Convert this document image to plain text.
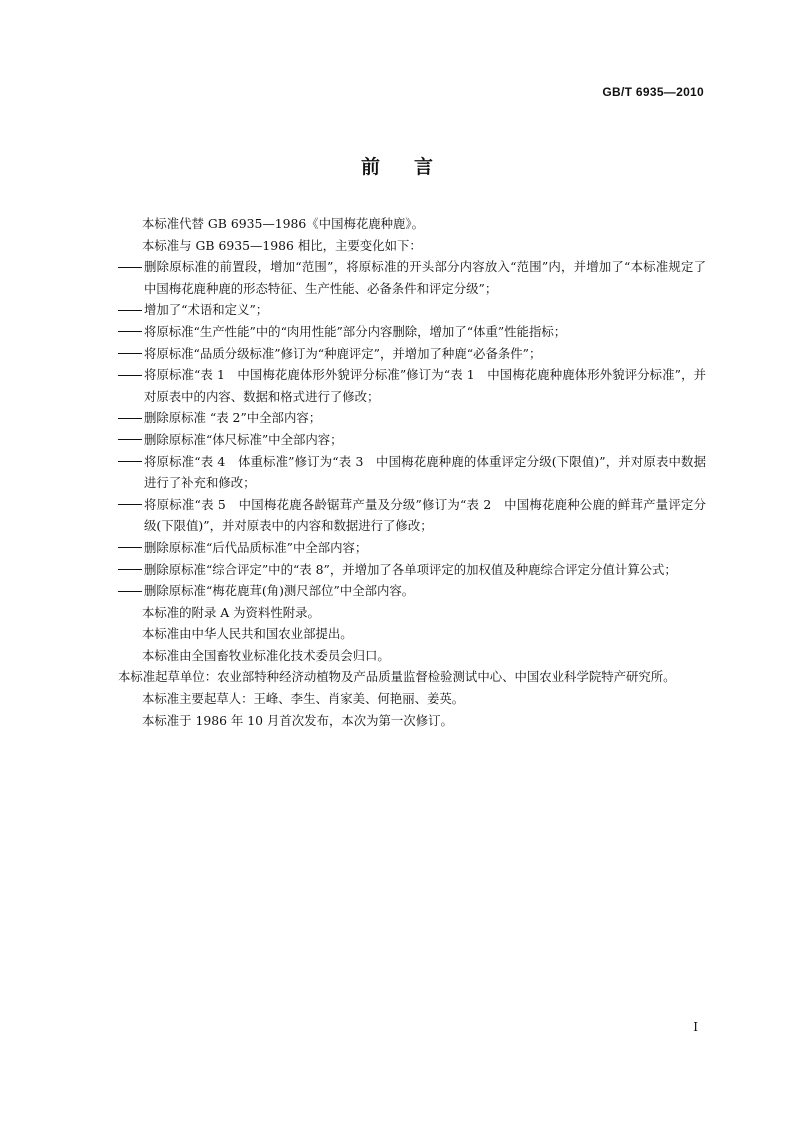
GB/T 6935—2010
前言

本标准代替 GB 6935—1986《中国梅花鹿种鹿》。

本标准与 GB 6935—1986 相比，主要变化如下：

删除原标准的前置段，增加“范围”，将原标准的开头部分内容放入“范围”内，并增加了“本标准规定了中国梅花鹿种鹿的形态特征、生产性能、必备条件和评定分级”；
增加了“术语和定义”；
将原标准“生产性能”中的“肉用性能”部分内容删除，增加了“体重”性能指标；
将原标准“品质分级标准”修订为“种鹿评定”，并增加了种鹿“必备条件”；
将原标准“表 1　中国梅花鹿体形外貌评分标准”修订为“表 1　中国梅花鹿种鹿体形外貌评分标准”，并对原表中的内容、数据和格式进行了修改；
删除原标准 “表 2”中全部内容；
删除原标准“体尺标准”中全部内容；
将原标准“表 4　体重标准”修订为“表 3　中国梅花鹿种鹿的体重评定分级(下限值)”，并对原表中数据进行了补充和修改；
将原标准“表 5　中国梅花鹿各龄锯茸产量及分级”修订为“表 2　中国梅花鹿种公鹿的鲜茸产量评定分级(下限值)”，并对原表中的内容和数据进行了修改；
删除原标准“后代品质标准”中全部内容；
删除原标准“综合评定”中的“表 8”，并增加了各单项评定的加权值及种鹿综合评定分值计算公式；
删除原标准“梅花鹿茸(角)测尺部位”中全部内容。

本标准的附录 A 为资料性附录。

本标准由中华人民共和国农业部提出。

本标准由全国畜牧业标准化技术委员会归口。

本标准起草单位：农业部特种经济动植物及产品质量监督检验测试中心、中国农业科学院特产研究所。

本标准主要起草人：王峰、李生、肖家美、何艳丽、姜英。

本标准于 1986 年 10 月首次发布，本次为第一次修订。

I
